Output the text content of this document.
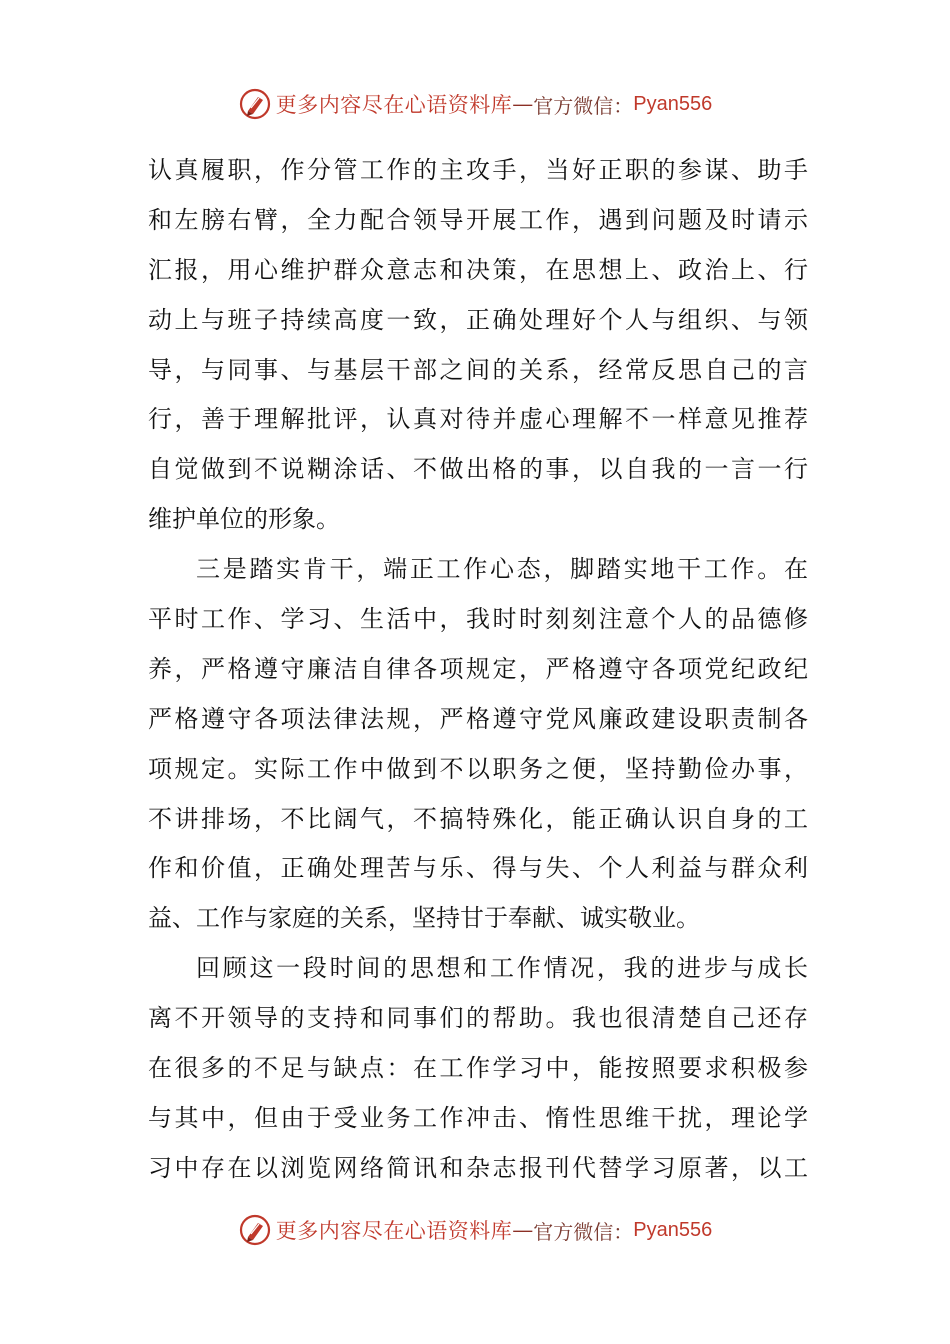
更多内容尽在心语资料库 — 官方微信： Pyan556
认真履职，作分管工作的主攻手，当好正职的参谋、助手
和左膀右臂，全力配合领导开展工作，遇到问题及时请示
汇报，用心维护群众意志和决策，在思想上、政治上、行
动上与班子持续高度一致，正确处理好个人与组织、与领
导，与同事、与基层干部之间的关系，经常反思自己的言
行，善于理解批评，认真对待并虚心理解不一样意见推荐
自觉做到不说糊涂话、不做出格的事，以自我的一言一行
维护单位的形象。
三是踏实肯干，端正工作心态，脚踏实地干工作。在
平时工作、学习、生活中，我时时刻刻注意个人的品德修
养，严格遵守廉洁自律各项规定，严格遵守各项党纪政纪
严格遵守各项法律法规，严格遵守党风廉政建设职责制各
项规定。实际工作中做到不以职务之便，坚持勤俭办事，
不讲排场，不比阔气，不搞特殊化，能正确认识自身的工
作和价值，正确处理苦与乐、得与失、个人利益与群众利
益、工作与家庭的关系，坚持甘于奉献、诚实敬业。
回顾这一段时间的思想和工作情况，我的进步与成长
离不开领导的支持和同事们的帮助。我也很清楚自己还存
在很多的不足与缺点：在工作学习中，能按照要求积极参
与其中，但由于受业务工作冲击、惰性思维干扰，理论学
习中存在以浏览网络简讯和杂志报刊代替学习原著，以工
更多内容尽在心语资料库 — 官方微信： Pyan556
